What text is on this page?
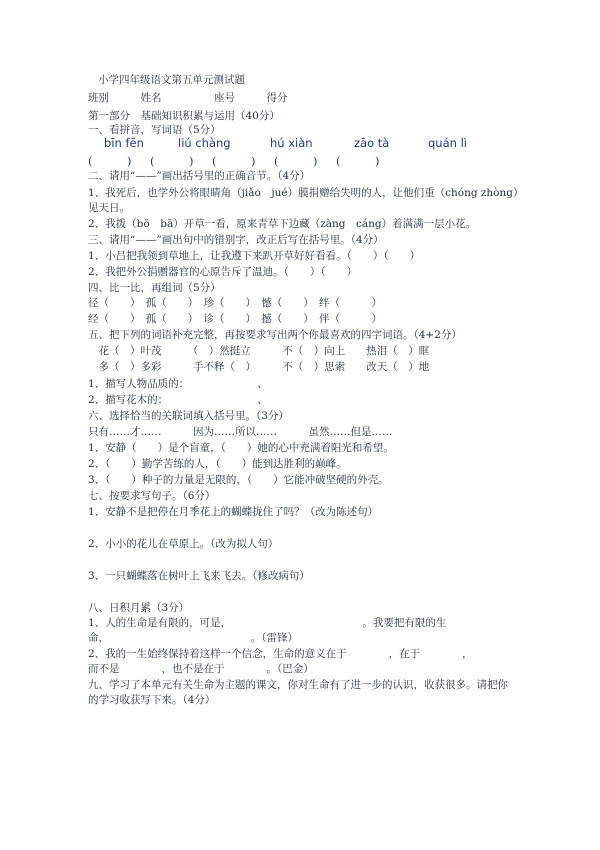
小学四年级语文第五单元测试题
班别　　　姓名　　　　　座号　　　得分
第一部分　基础知识积累与运用（40分）
一、看拼音，写词语（5分）
bīn fēn	liú chàng	hú xiàn	zāo tà	quán lì
(　　　) (　　　) (　　　) (　　　) (　　　)
二、请用“——”画出括号里的正确音节。（4分）
1、我死后，也学外公将眼睛角（jiǎo　jué）膜捐赠给失明的人，让他们重（chóng zhòng）
见天日。
2、我拨（bō　bā）开草一看，原来青草下边藏（zàng　cáng）着满满一层小花。
三、请用“——”画出句中的错别字，改正后写在括号里。（4分）
1、小吕把我领到草地上，让我遵下来趴开草好好看看。（　　）（　　）
2、我把外公捐赠器官的心原告斥了温迪。（　　）（　　）
四、比一比，再组词（5分）
径（　　）　孤（　　）　珍（　　）　憾（　　）　绊（　　　）
经（　　）　孤（　　）　诊（　　）　撼（　　）　伴（　　　）
五、把下列的词语补充完整，再按要求写出两个你最喜欢的四字词语。（4+2分）
　花（　）叶茂　　　（　）然挺立　　　不（　）向上　　热泪（　）眶
　多（　）多彩　　　手不释（　）　　　不（　）思索　　改天（　）地
1、描写人物品质的：　　　　　　　、
2、描写花木的：　　　　　　　　　、
六、选择恰当的关联词填入括号里。（3分）
只有……才……　　　因为……所以……　　　虽然……但是……
1、安静（　　）是个盲童，（　　）她的心中充满着阳光和希望。
2、（　　）勤学苦练的人，（　　）能到达胜利的巅峰。
3、（　　）种子的力量是无限的，（　　）它能冲破坚硬的外壳。
七、按要求写句子。（6分）
1、安静不是把停在月季花上的蝴蝶拢住了吗？（改为陈述句）
2、小小的花儿在草原上。（改为拟人句）
3、一只蝴蝶落在树叶上飞来飞去。（修改病句）
八、日积月累（3分）
1、人的生命是有限的，可是，　　　　　　　　　　　　　。我要把有限的生
命，　　　　　　　　　　　　　　。（雷锋）
2、我的一生始终保持着这样一个信念，生命的意义在于　　　　，在于　　　　，
而不是　　　　，也不是在于　　　　。（巴金）
九、学习了本单元有关生命为主题的课文，你对生命有了进一步的认识，收获很多。请把你
的学习收获写下来。（4分）
